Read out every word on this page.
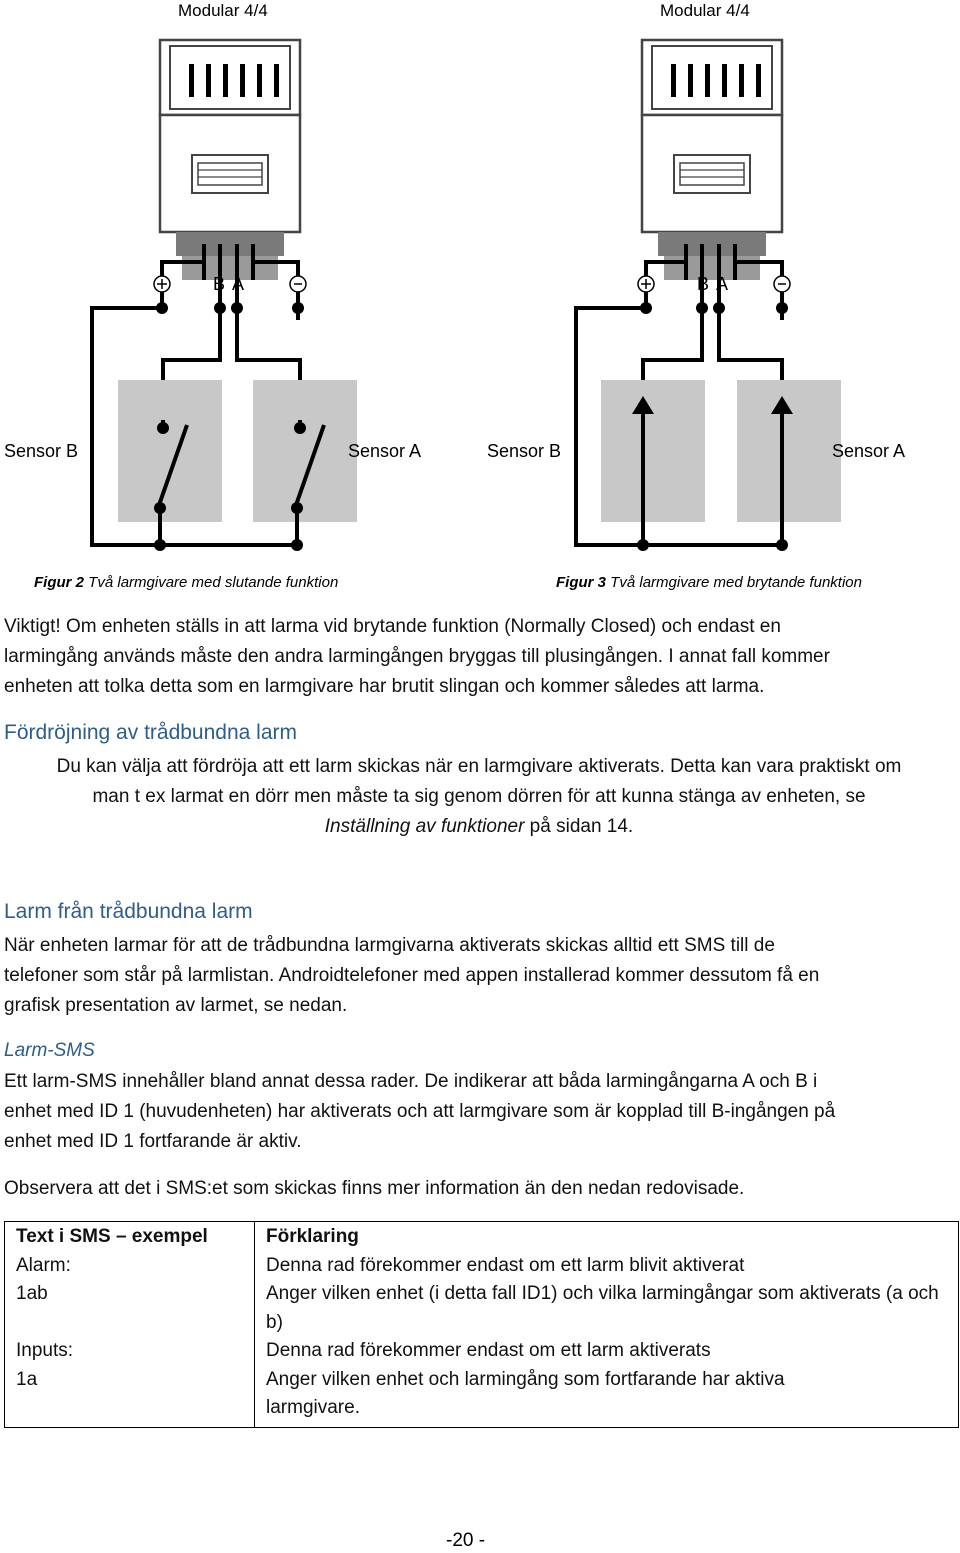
Modular 4/4
B A
Sensor B	Sensor A
Modular 4/4
B A
Sensor B	Sensor A
Figur 2 Två larmgivare med slutande funktion	Figur 3 Två larmgivare med brytande funktion
Viktigt! Om enheten ställs in att larma vid brytande funktion (Normally Closed) och endast en
larmingång används måste den andra larmingången bryggas till plusingången. I annat fall kommer
enheten att tolka detta som en larmgivare har brutit slingan och kommer således att larma.
Fördröjning av trådbundna larm
Du kan välja att fördröja att ett larm skickas när en larmgivare aktiverats. Detta kan vara praktiskt om
man t ex larmat en dörr men måste ta sig genom dörren för att kunna stänga av enheten, se
Inställning av funktioner på sidan 14.
Larm från trådbundna larm
När enheten larmar för att de trådbundna larmgivarna aktiverats skickas alltid ett SMS till de
telefoner som står på larmlistan. Androidtelefoner med appen installerad kommer dessutom få en
grafisk presentation av larmet, se nedan.
Larm-SMS
Ett larm-SMS innehåller bland annat dessa rader. De indikerar att båda larmingångarna A och B i
enhet med ID 1 (huvudenheten) har aktiverats och att larmgivare som är kopplad till B-ingången på
enhet med ID 1 fortfarande är aktiv.
Observera att det i SMS:et som skickas finns mer information än den nedan redovisade.
Text i SMS – exempel	Förklaring
Alarm:	Denna rad förekommer endast om ett larm blivit aktiverat
1ab	Anger vilken enhet (i detta fall ID1) och vilka larmingångar som aktiverats (a och b)
Inputs:	Denna rad förekommer endast om ett larm aktiverats
1a	Anger vilken enhet och larmingång som fortfarande har aktiva larmgivare.
-20 -
